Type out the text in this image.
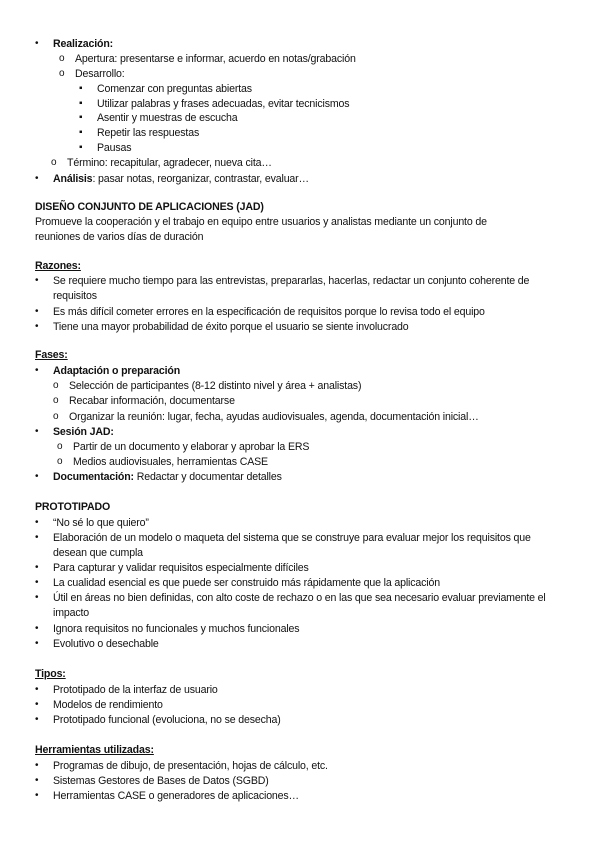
• Realización:
o Apertura: presentarse e informar, acuerdo en notas/grabación
o Desarrollo:
▪ Comenzar con preguntas abiertas
▪ Utilizar palabras y frases adecuadas, evitar tecnicismos
▪ Asentir y muestras de escucha
▪ Repetir las respuestas
▪ Pausas
o Término: recapitular, agradecer, nueva cita…
• Análisis: pasar notas, reorganizar, contrastar, evaluar…
DISEÑO CONJUNTO DE APLICACIONES (JAD)
Promueve la cooperación y el trabajo en equipo entre usuarios y analistas mediante un conjunto de reuniones de varios días de duración
Razones:
• Se requiere mucho tiempo para las entrevistas, prepararlas, hacerlas, redactar un conjunto coherente de requisitos
• Es más difícil cometer errores en la especificación de requisitos porque lo revisa todo el equipo
• Tiene una mayor probabilidad de éxito porque el usuario se siente involucrado
Fases:
• Adaptación o preparación
o Selección de participantes (8-12 distinto nivel y área + analistas)
o Recabar información, documentarse
o Organizar la reunión: lugar, fecha, ayudas audiovisuales, agenda, documentación inicial…
• Sesión JAD:
o Partir de un documento y elaborar y aprobar la ERS
o Medios audiovisuales, herramientas CASE
• Documentación: Redactar y documentar detalles
PROTOTIPADO
• “No sé lo que quiero”
• Elaboración de un modelo o maqueta del sistema que se construye para evaluar mejor los requisitos que desean que cumpla
• Para capturar y validar requisitos especialmente difíciles
• La cualidad esencial es que puede ser construido más rápidamente que la aplicación
• Útil en áreas no bien definidas, con alto coste de rechazo o en las que sea necesario evaluar previamente el impacto
• Ignora requisitos no funcionales y muchos funcionales
• Evolutivo o desechable
Tipos:
• Prototipado de la interfaz de usuario
• Modelos de rendimiento
• Prototipado funcional (evoluciona, no se desecha)
Herramientas utilizadas:
• Programas de dibujo, de presentación, hojas de cálculo, etc.
• Sistemas Gestores de Bases de Datos (SGBD)
• Herramientas CASE o generadores de aplicaciones…
